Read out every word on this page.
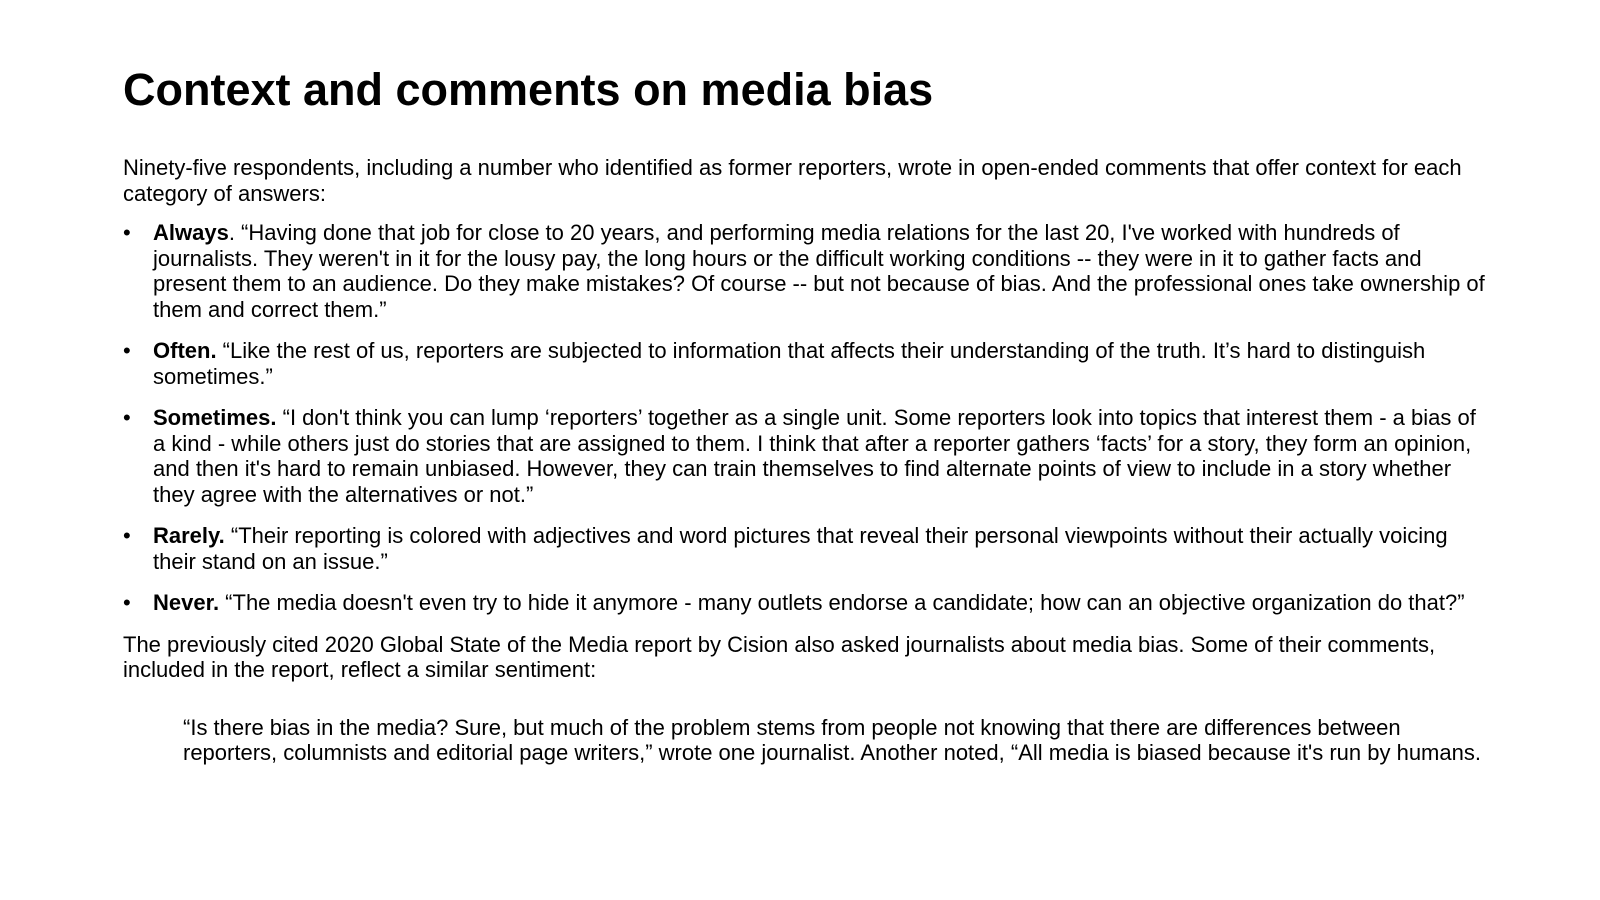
Context and comments on media bias

Ninety-five respondents, including a number who identified as former reporters, wrote in open-ended comments that offer context for each category of answers:

• Always. “Having done that job for close to 20 years, and performing media relations for the last 20, I've worked with hundreds of journalists. They weren't in it for the lousy pay, the long hours or the difficult working conditions -- they were in it to gather facts and present them to an audience. Do they make mistakes? Of course -- but not because of bias. And the professional ones take ownership of them and correct them.”
• Often. “Like the rest of us, reporters are subjected to information that affects their understanding of the truth. It’s hard to distinguish sometimes.”
• Sometimes. “I don't think you can lump ‘reporters’ together as a single unit. Some reporters look into topics that interest them - a bias of a kind - while others just do stories that are assigned to them. I think that after a reporter gathers ‘facts’ for a story, they form an opinion, and then it's hard to remain unbiased. However, they can train themselves to find alternate points of view to include in a story whether they agree with the alternatives or not.”
• Rarely. “Their reporting is colored with adjectives and word pictures that reveal their personal viewpoints without their actually voicing their stand on an issue.”
• Never. “The media doesn't even try to hide it anymore - many outlets endorse a candidate; how can an objective organization do that?”

The previously cited 2020 Global State of the Media report by Cision also asked journalists about media bias. Some of their comments, included in the report, reflect a similar sentiment:

“Is there bias in the media? Sure, but much of the problem stems from people not knowing that there are differences between reporters, columnists and editorial page writers,” wrote one journalist. Another noted, “All media is biased because it's run by humans.
